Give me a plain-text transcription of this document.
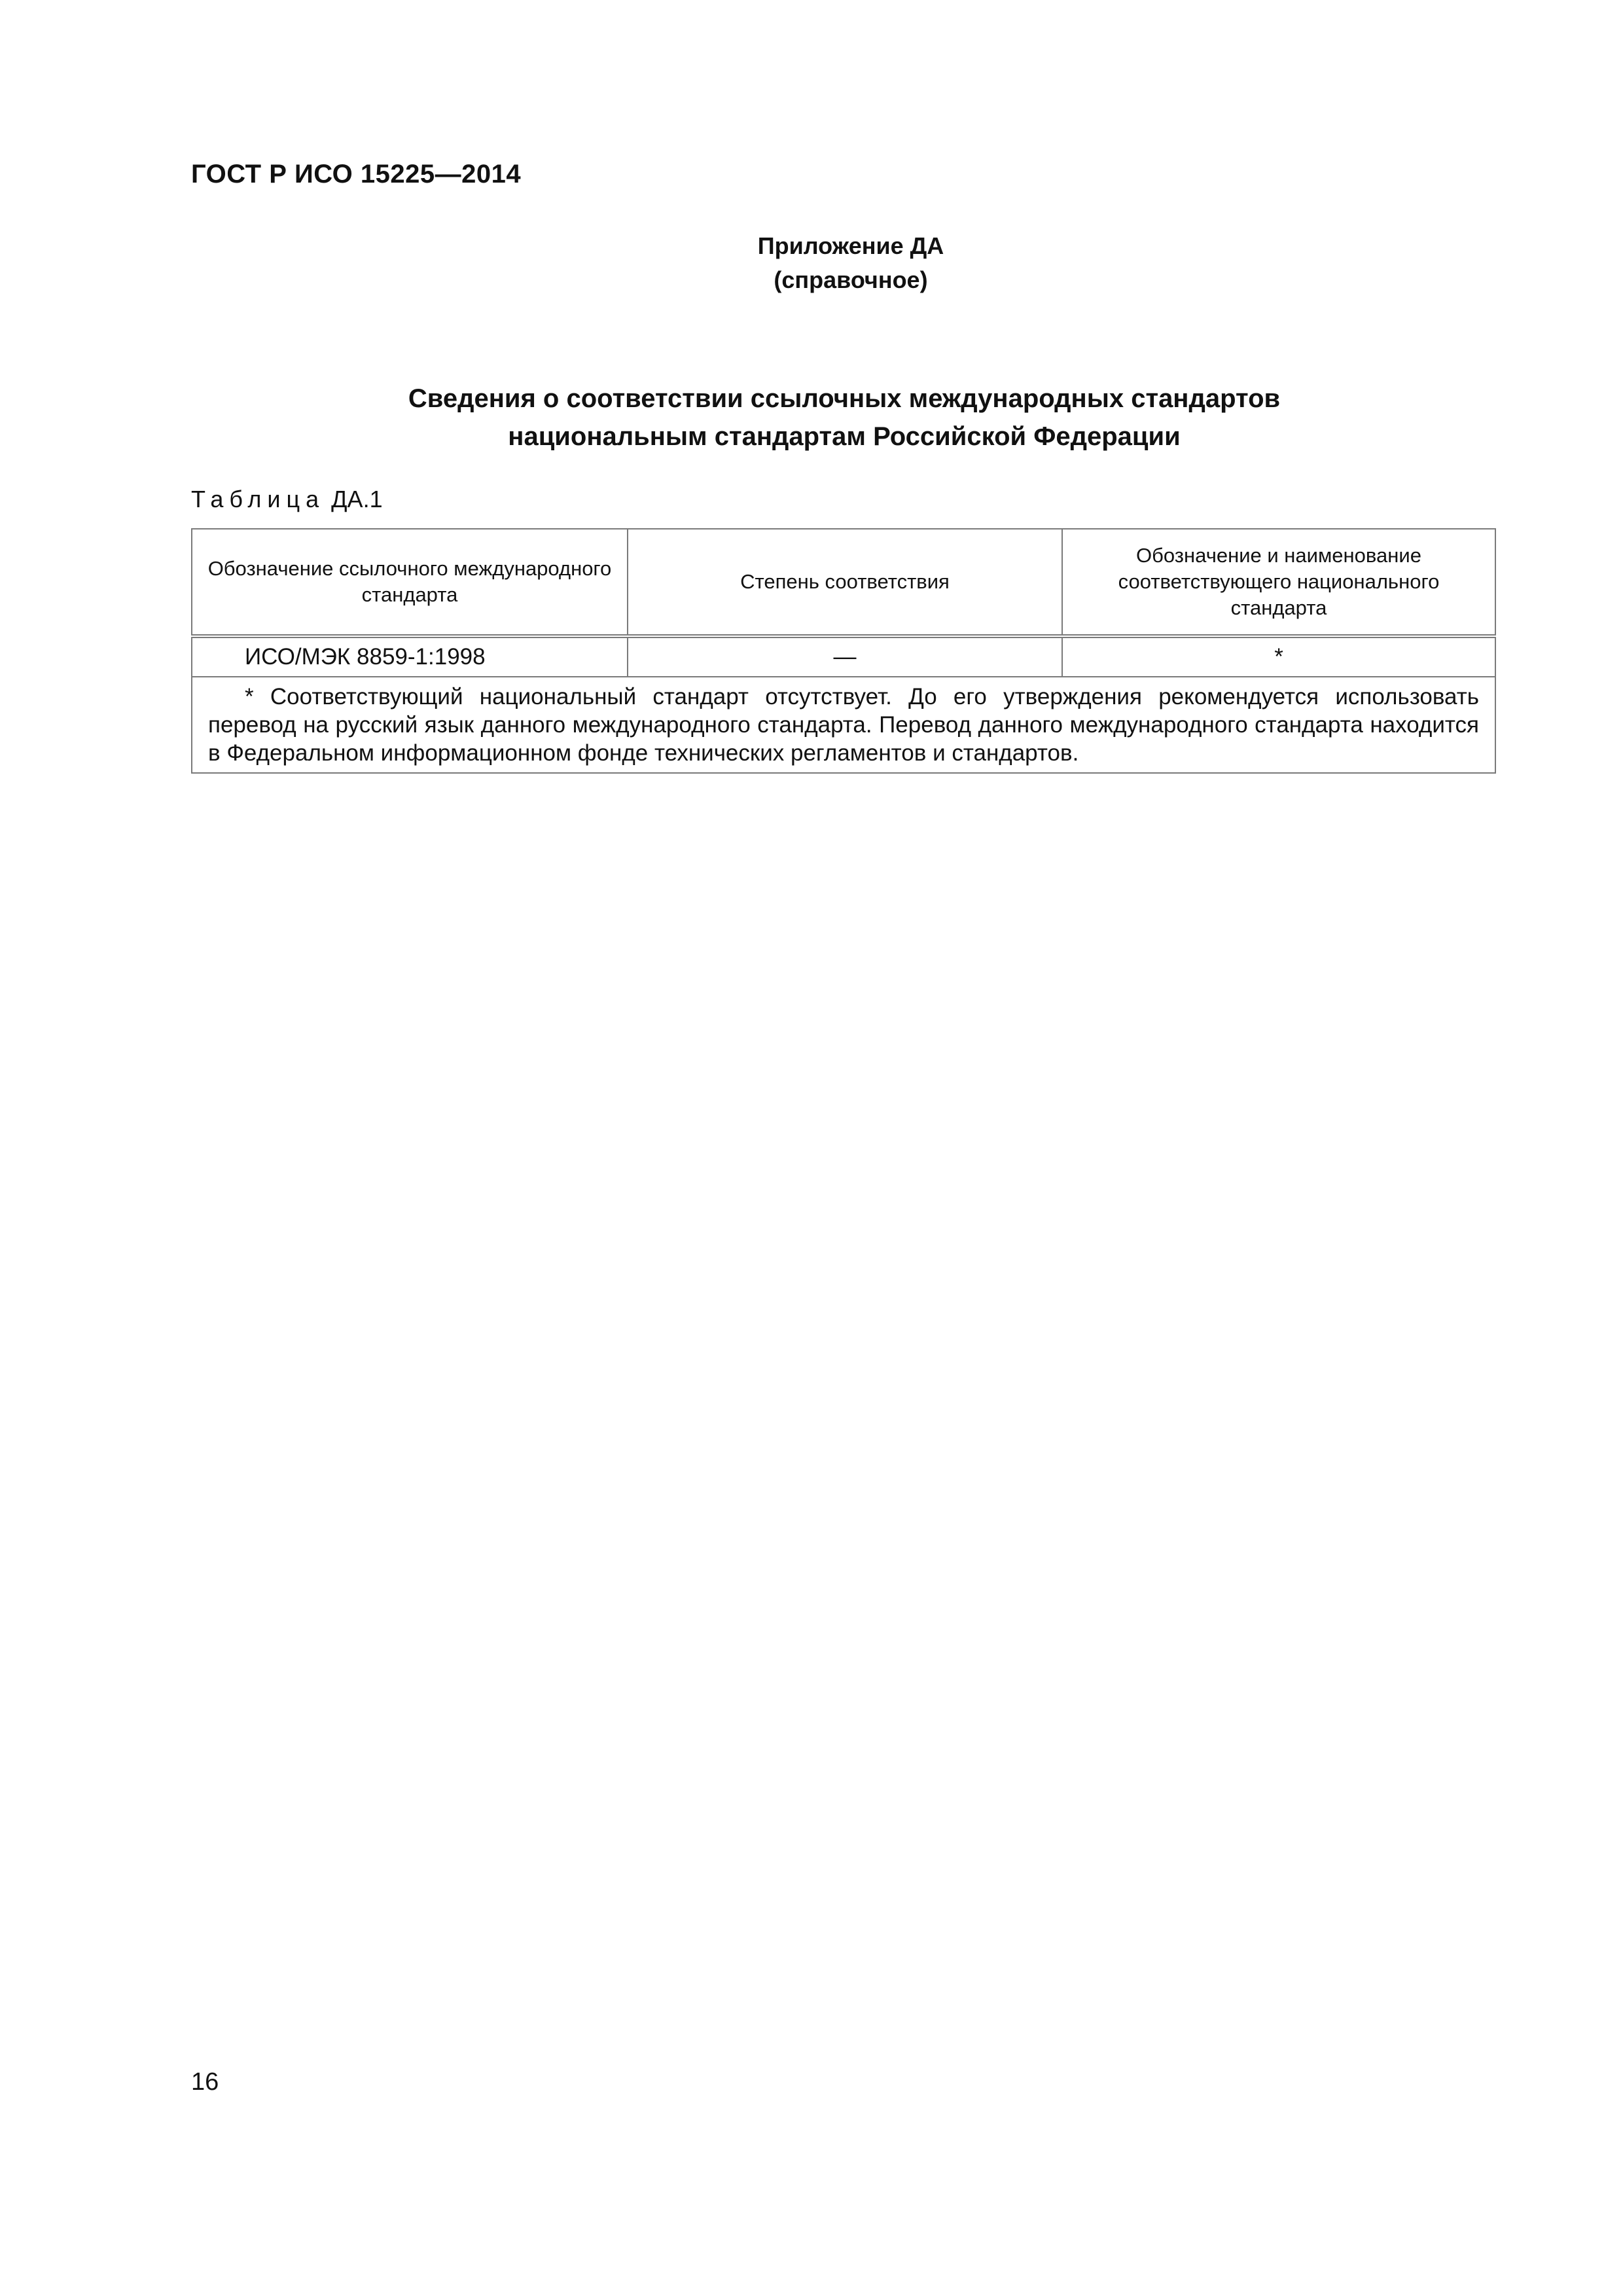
ГОСТ Р ИСО 15225—2014
Приложение ДА
(справочное)
Сведения о соответствии ссылочных международных стандартов
национальным стандартам Российской Федерации
Таблица ДА.1
Обозначение ссылочного международного стандарта	Степень соответствия	Обозначение и наименование соответствующего национального стандарта
ИСО/МЭК 8859-1:1998	—	*
* Соответствующий национальный стандарт отсутствует. До его утверждения рекомендуется использовать перевод на русский язык данного международного стандарта. Перевод данного международного стандарта находится в Федеральном информационном фонде технических регламентов и стандартов.		
16
